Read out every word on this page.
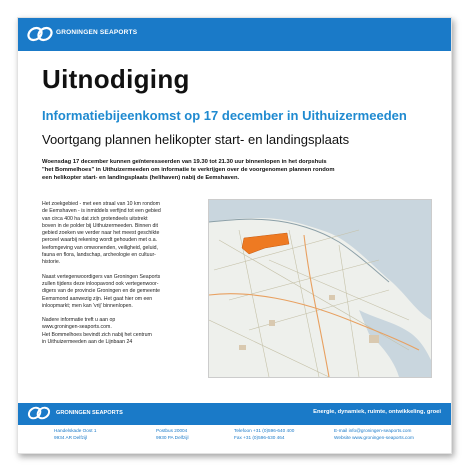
GRONINGEN SEAPORTS
Uitnodiging
Informatiebijeenkomst op 17 december in Uithuizermeeden
Voortgang plannen helikopter start- en landingsplaats
Woensdag 17 december kunnen geïnteresseerden van 19.30 tot 21.30 uur binnenlopen in het dorpshuis
"het Bommelhoes" in Uithuizermeeden om informatie te verkrijgen over de voorgenomen plannen rondom
een helikopter start- en landingsplaats (helihaven) nabij de Eemshaven.
Het zoekgebied - met een straal van 10 km rondom
de Eemshaven - is inmiddels verfijnd tot een gebied
van circa 400 ha dat zich grotendeels uitstrekt
boven in de polder bij Uithuizermeeden. Binnen dit
gebied zoeken we verder naar het meest geschikte
perceel waarbij rekening wordt gehouden met o.a.
leefomgeving van omwonenden, veiligheid, geluid,
fauna en flora, landschap, archeologie en cultuur-
historie.
Naast vertegenwoordigers van Groningen Seaports
zullen tijdens deze inloopavond ook vertegenwoor-
digers van de provincie Groningen en de gemeente
Eemsmond aanwezig zijn. Het gaat hier om een
inloopmarkt; men kan 'vrij' binnenlopen.
Nadere informatie treft u aan op
www.groningen-seaports.com.
Het Bommelhoes bevindt zich nabij het centrum
in Uithuizermeeden aan de Lijnbaan 24
GRONINGEN SEAPORTS	Energie, dynamiek, ruimte, ontwikkeling, groei
Handelskade Oost 1
9934 AR Delfzijl
Postbus 20004
9930 PA Delfzijl
Telefoon +31 (0)596-640 400
Fax +31 (0)596-630 464
E-mail info@groningen-seaports.com
Website www.groningen-seaports.com
